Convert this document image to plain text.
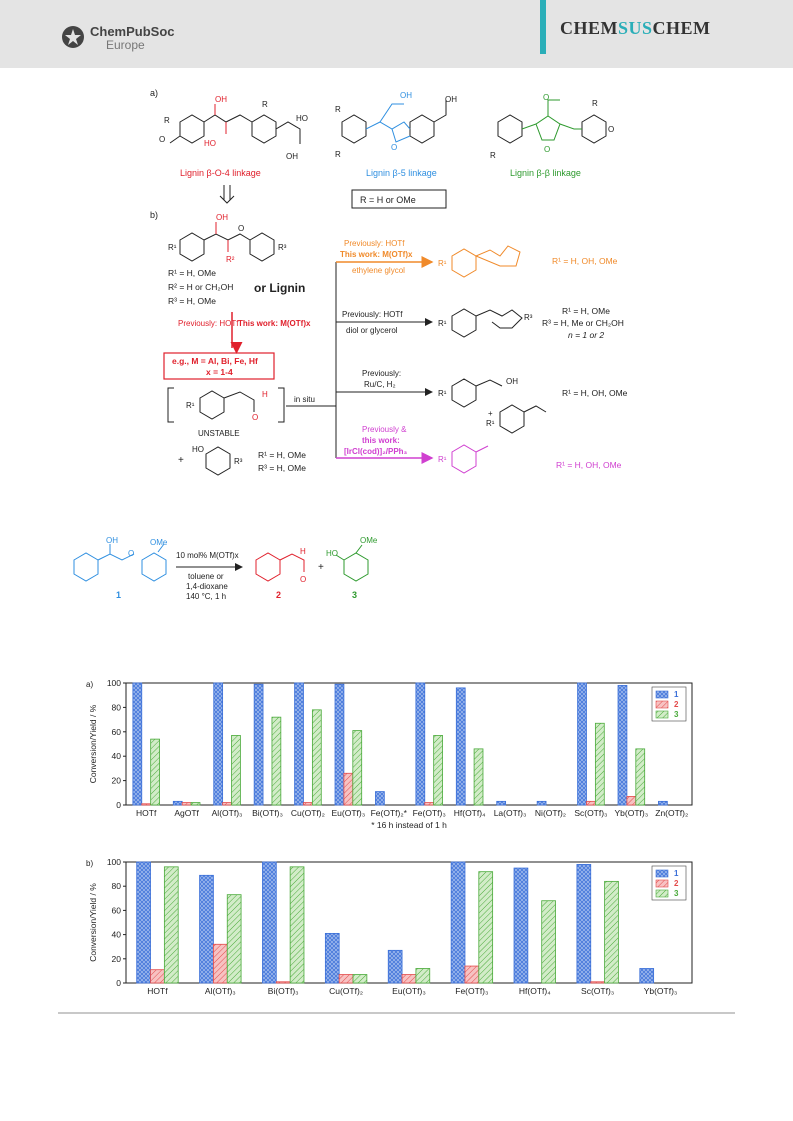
ChemPubSoc
Europe
CHEMSUSCHEM
a)
OH
HO
R
R
O
HO
OH
Lignin β-O-4 linkage
OH
O
OH
R
R
Lignin β-5 linkage
O
O
R
R
O
Lignin β-β linkage
R = H or OMe
b)	OH
R²
O
R¹	R³
R¹ = H, OMe
R² = H or CH₂OH
R³ = H, OMe
or Lignin
Previously: HOTf This work: M(OTf)x
e.g., M = Al, Bi, Fe, Hf
x = 1-4
H
O
R¹
UNSTABLE
in situ
+
HO
R³
R¹ = H, OMe
R³ = H, OMe
Previously: HOTf
This work: M(OTf)x
ethylene glycol
R¹	R¹ = H, OH, OMe
Previously: HOTf
diol or glycerol
R¹
R³
R¹ = H, OMe
R³ = H, Me or CH₂OH
n = 1 or 2
Previously:
Ru/C, H₂
R¹
OH
+
R¹
R¹ = H, OH, OMe
Previously &
this work:
[IrCl(cod)]₂/PPh₃
R¹
R¹ = H, OH, OMe
OH
O
OMe
1
10 mol% M(OTf)x
toluene or
1,4-dioxane
140 °C, 1 h
H
O
2
+
OMe
HO
3
a)
0
20
40
60
80
100
Conversion/Yield / %
HOTf AgOTf Al(OTf)₃ Bi(OTf)₃ Cu(OTf)₂ Eu(OTf)₃ Fe(OTf)₂* Fe(OTf)₃ Hf(OTf)₄ La(OTf)₃ Ni(OTf)₂ Sc(OTf)₃ Yb(OTf)₃ Zn(OTf)₂
1
2
3
* 16 h instead of 1 h
b)
0
20
40
60
80
100
Conversion/Yield / %
HOTf	Al(OTf)₃	Bi(OTf)₃	Cu(OTf)₂	Eu(OTf)₃	Fe(OTf)₃	Hf(OTf)₄	Sc(OTf)₃	Yb(OTf)₃
1
2
3
